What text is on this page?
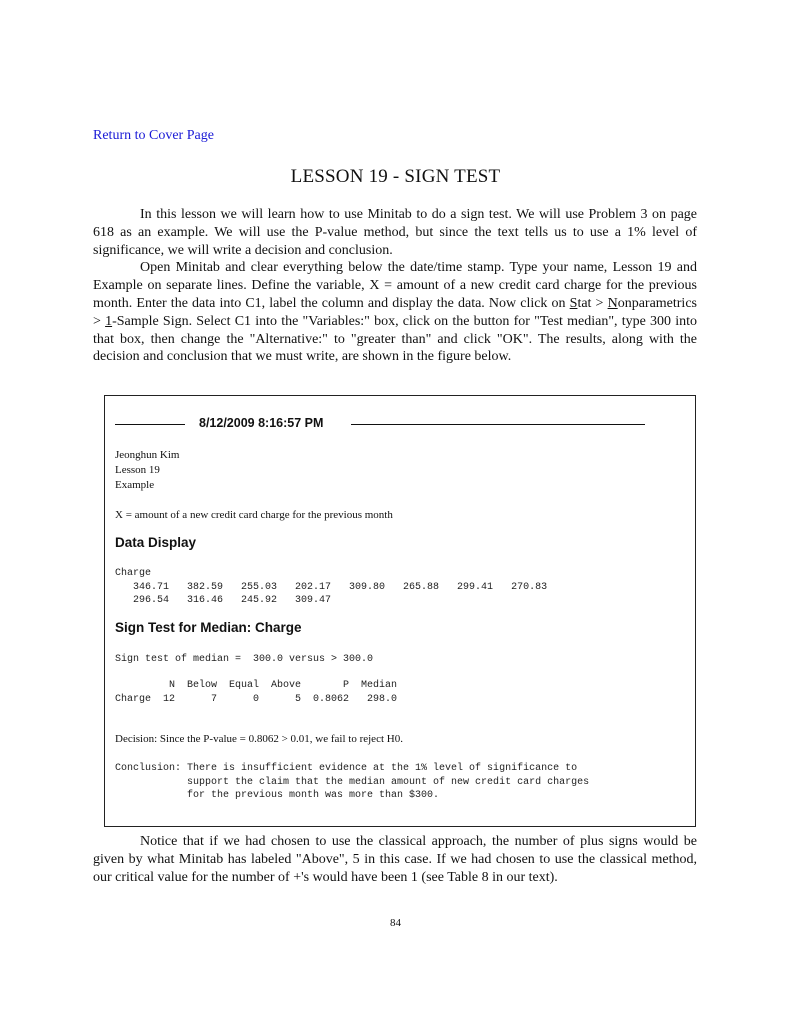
Return to Cover Page
LESSON 19 - SIGN TEST

In this lesson we will learn how to use Minitab to do a sign test. We will use Problem 3 on page 618 as an example. We will use the P-value method, but since the text tells us to use a 1% level of significance, we will write a decision and conclusion.

Open Minitab and clear everything below the date/time stamp. Type your name, Lesson 19 and Example on separate lines. Define the variable, X = amount of a new credit card charge for the previous month. Enter the data into C1, label the column and display the data. Now click on Stat > Nonparametrics > 1-Sample Sign. Select C1 into the "Variables:" box, click on the button for "Test median", type 300 into that box, then change the "Alternative:" to "greater than" and click "OK". The results, along with the decision and conclusion that we must write, are shown in the figure below.

8/12/2009 8:16:57 PM
Jeonghun Kim
Lesson 19
Example
X = amount of a new credit card charge for the previous month
Data Display
Charge
346.71   382.59   255.03   202.17   309.80   265.88   299.41   270.83
296.54   316.46   245.92   309.47
Sign Test for Median: Charge
Sign test of median =  300.0 versus > 300.0
N  Below  Equal  Above       P  Median
Charge  12      7      0      5  0.8062   298.0
Decision: Since the P-value = 0.8062 > 0.01, we fail to reject H0.
Conclusion: There is insufficient evidence at the 1% level of significance to
support the claim that the median amount of new credit card charges
for the previous month was more than $300.

Notice that if we had chosen to use the classical approach, the number of plus signs would be given by what Minitab has labeled "Above", 5 in this case. If we had chosen to use the classical method, our critical value for the number of +'s would have been 1 (see Table 8 in our text).

84
